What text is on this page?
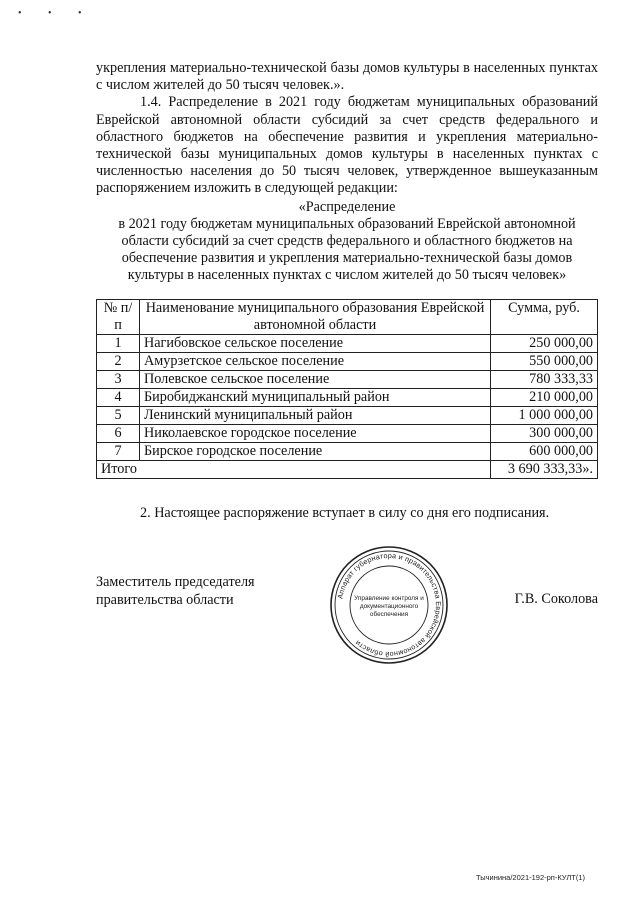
• • •

укрепления материально-технической базы домов культуры в населенных пунктах с числом жителей до 50 тысяч человек.».

1.4. Распределение в 2021 году бюджетам муниципальных образований Еврейской автономной области субсидий за счет средств федерального и областного бюджетов на обеспечение развития и укрепления материально-технической базы муниципальных домов культуры в населенных пунктах с численностью населения до 50 тысяч человек, утвержденное вышеуказанным распоряжением изложить в следующей редакции:

«Распределение

в 2021 году бюджетам муниципальных образований Еврейской автономной области субсидий за счет средств федерального и областного бюджетов на обеспечение развития и укрепления материально-технической базы домов культуры в населенных пунктах с числом жителей до 50 тысяч человек»

№ п/п	Наименование муниципального образования Еврейской автономной области	Сумма, руб.
1	Нагибовское сельское поселение	250 000,00
2	Амурзетское сельское поселение	550 000,00
3	Полевское сельское поселение	780 333,33
4	Биробиджанский муниципальный район	210 000,00
5	Ленинский муниципальный район	1 000 000,00
6	Николаевское городское поселение	300 000,00
7	Бирское городское поселение	600 000,00
Итого		3 690 333,33».
2. Настоящее распоряжение вступает в силу со дня его подписания.
Заместитель председателя
правительства области	Г.В. Соколова
Аппарат губернатора и правительства Еврейской автономной области
Управление контроля и
документационного
обеспечения
Тычинина/2021-192-рп-КУЛТ(1)
